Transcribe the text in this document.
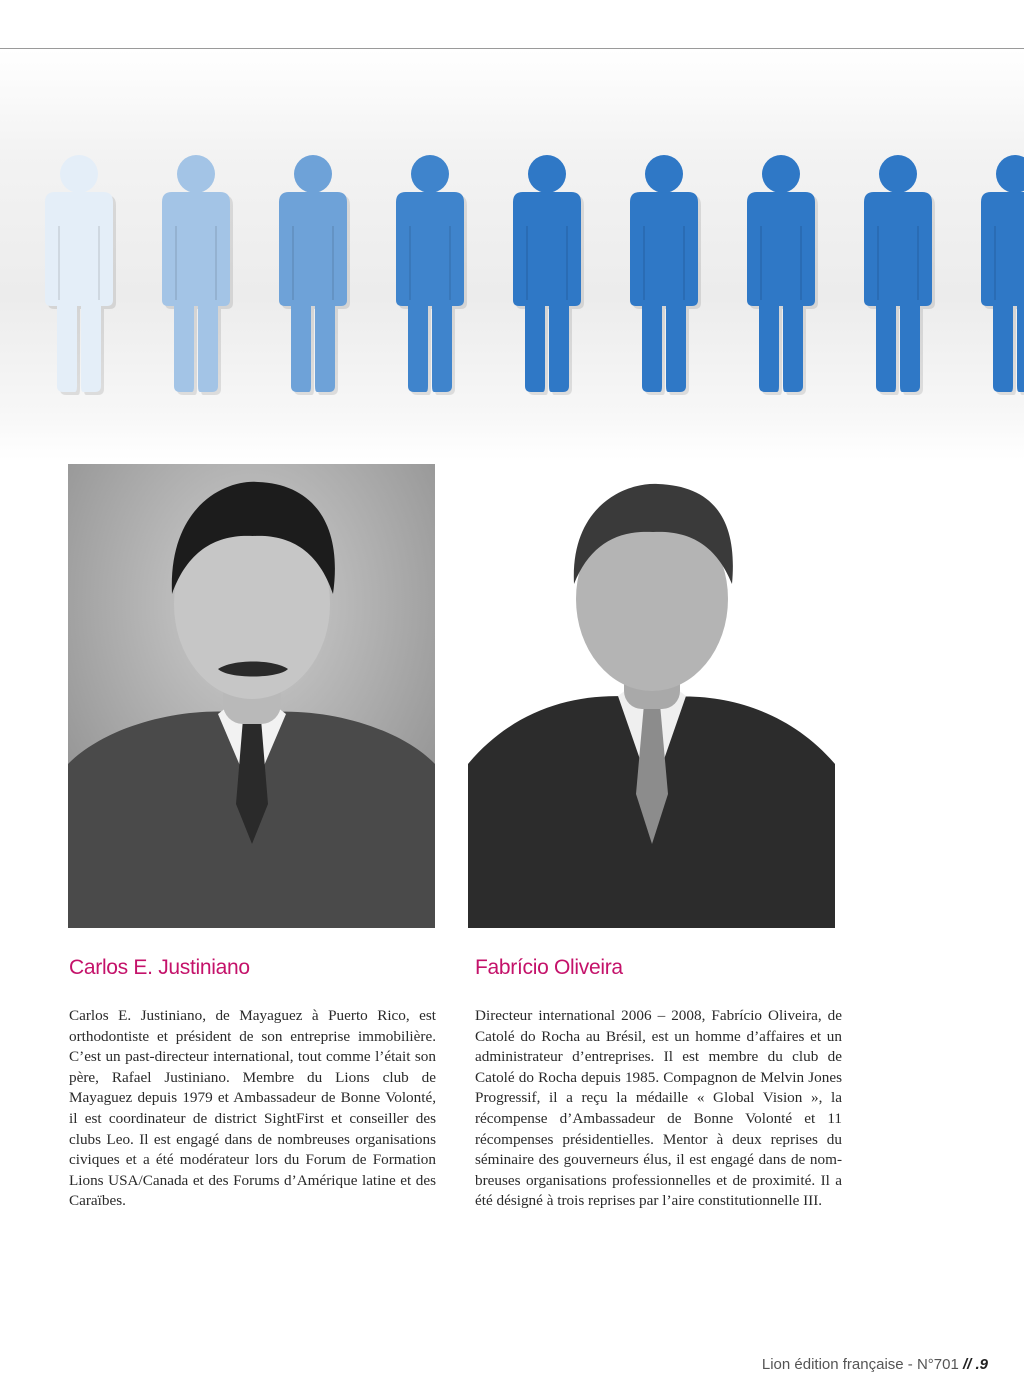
Carlos E. Justiniano	Fabrício Oliveira

Carlos E. Justiniano, de Mayaguez à Puerto Rico, est orthodontiste et président de son entreprise immobilière. C’est un past-directeur international, tout comme l’était son père, Rafael Justiniano. Membre du Lions club de Mayaguez depuis 1979 et Ambassadeur de Bonne Volonté, il est coordinateur de district SightFirst et conseiller des clubs Leo. Il est engagé dans de nombreuses organisations civiques et a été modérateur lors du Forum de Formation Lions USA/Canada et des Forums d’Amérique latine et des Caraïbes.

Directeur international 2006 – 2008, Fabrício Oliveira, de Catolé do Rocha au Brésil, est un homme d’affaires et un administrateur d’entreprises. Il est membre du club de Catolé do Rocha depuis 1985. Compagnon de Melvin Jones Progressif, il a reçu la médaille « Global Vision », la récompense d’Ambassadeur de Bonne Volonté et 11 récompenses présidentielles. Mentor à deux reprises du séminaire des gouverneurs élus, il est engagé dans de nombreuses organisations professionnelles et de proximité. Il a été désigné à trois reprises par l’aire constitutionnelle III.

Lion édition française - N°701 // .9
